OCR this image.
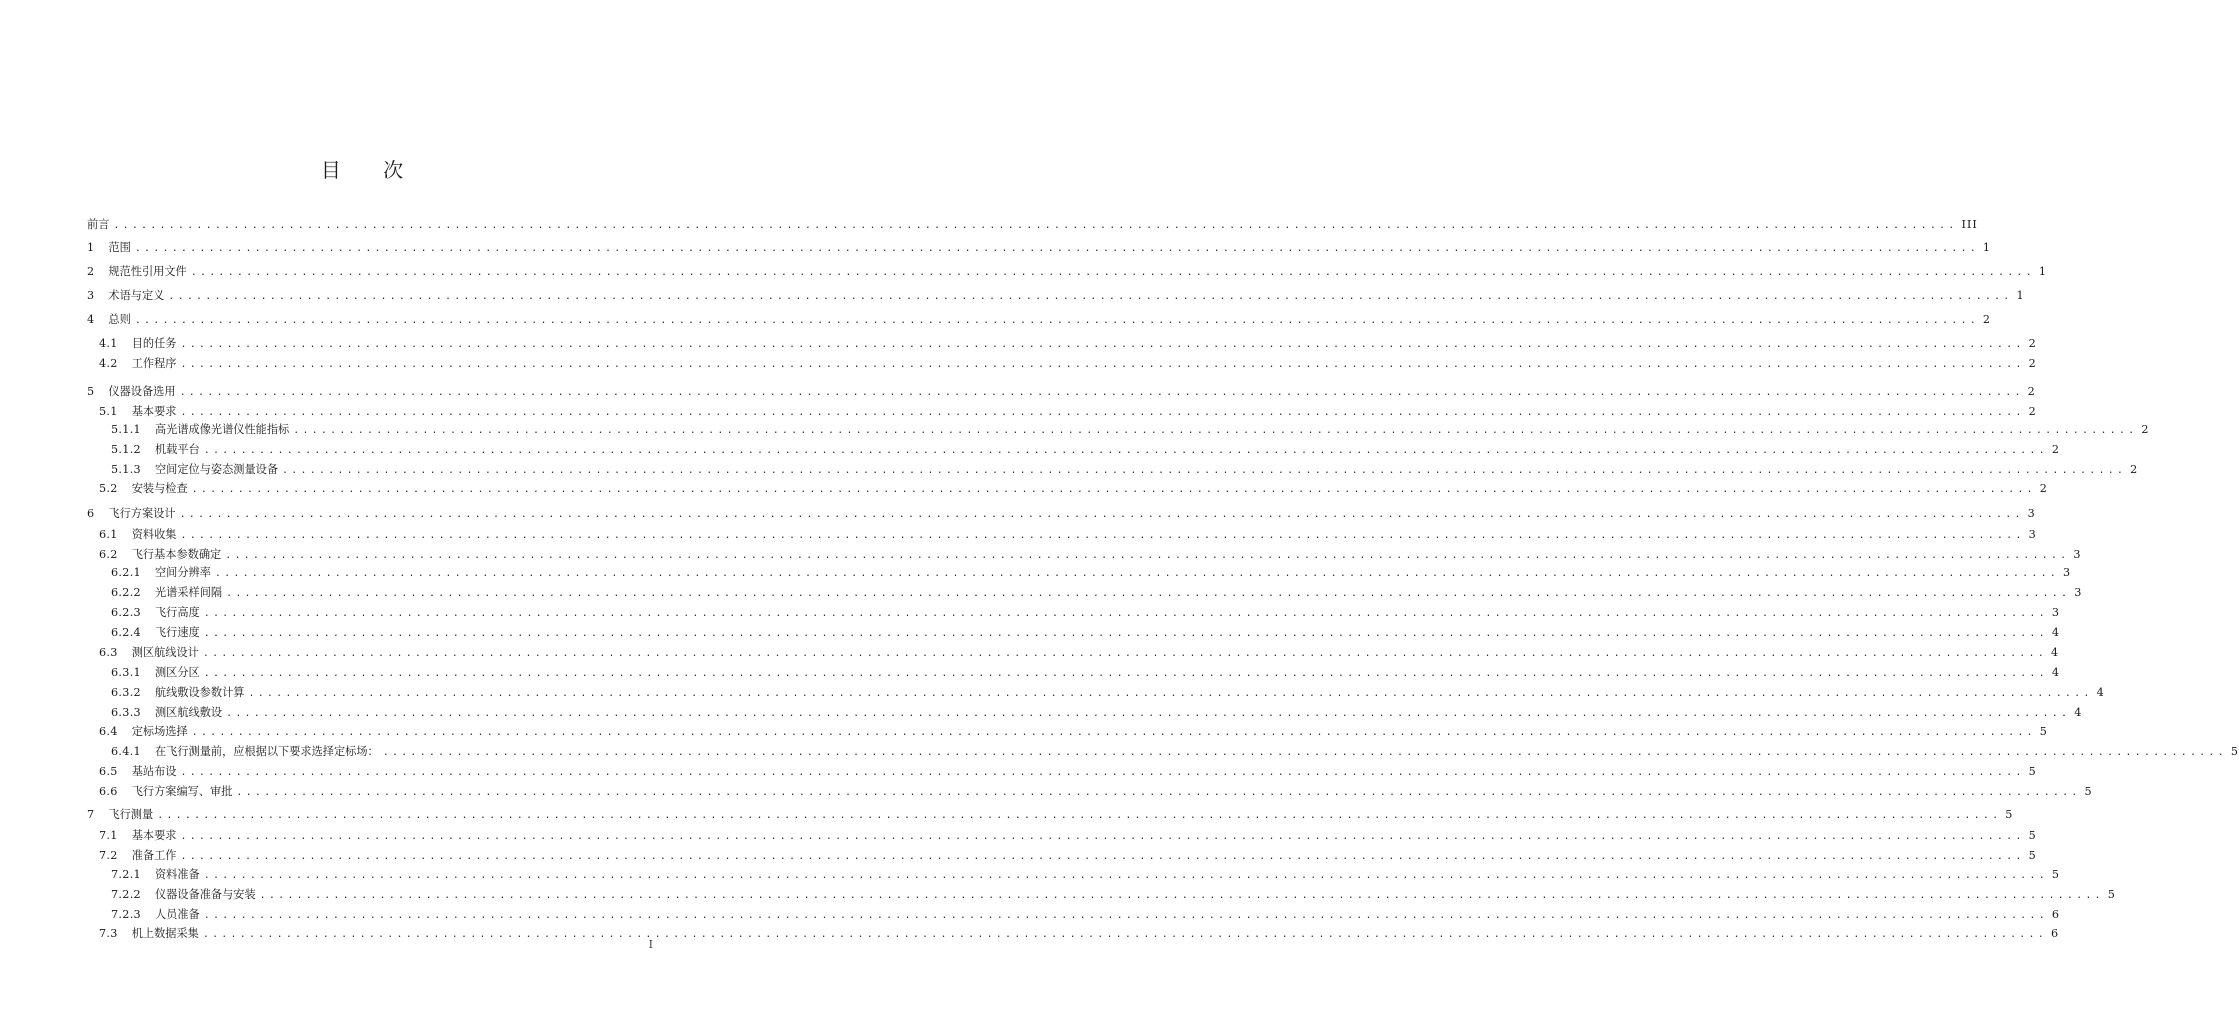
目 次
前言 ........................................................................................................................................................................................................ III
1 范围 ........................................................................................................................................................................................................ 1
2 规范性引用文件 ........................................................................................................................................................................................................ 1
3 术语与定义 ........................................................................................................................................................................................................ 1
4 总则 ........................................................................................................................................................................................................ 2
4.1 目的任务 ........................................................................................................................................................................................................ 2
4.2 工作程序 ........................................................................................................................................................................................................ 2
5 仪器设备选用 ........................................................................................................................................................................................................ 2
5.1 基本要求 ........................................................................................................................................................................................................ 2
5.1.1 高光谱成像光谱仪性能指标 ........................................................................................................................................................................................................ 2
5.1.2 机载平台 ........................................................................................................................................................................................................ 2
5.1.3 空间定位与姿态测量设备 ........................................................................................................................................................................................................ 2
5.2 安装与检查 ........................................................................................................................................................................................................ 2
6 飞行方案设计 ........................................................................................................................................................................................................ 3
6.1 资料收集 ........................................................................................................................................................................................................ 3
6.2 飞行基本参数确定 ........................................................................................................................................................................................................ 3
6.2.1 空间分辨率 ........................................................................................................................................................................................................ 3
6.2.2 光谱采样间隔 ........................................................................................................................................................................................................ 3
6.2.3 飞行高度 ........................................................................................................................................................................................................ 3
6.2.4 飞行速度 ........................................................................................................................................................................................................ 4
6.3 测区航线设计 ........................................................................................................................................................................................................ 4
6.3.1 测区分区 ........................................................................................................................................................................................................ 4
6.3.2 航线敷设参数计算 ........................................................................................................................................................................................................ 4
6.3.3 测区航线敷设 ........................................................................................................................................................................................................ 4
6.4 定标场选择 ........................................................................................................................................................................................................ 5
6.4.1 在飞行测量前，应根据以下要求选择定标场： ........................................................................................................................................................................................................ 5
6.5 基站布设 ........................................................................................................................................................................................................ 5
6.6 飞行方案编写、审批 ........................................................................................................................................................................................................ 5
7 飞行测量 ........................................................................................................................................................................................................ 5
7.1 基本要求 ........................................................................................................................................................................................................ 5
7.2 准备工作 ........................................................................................................................................................................................................ 5
7.2.1 资料准备 ........................................................................................................................................................................................................ 5
7.2.2 仪器设备准备与安装 ........................................................................................................................................................................................................ 5
7.2.3 人员准备 ........................................................................................................................................................................................................ 6
7.3 机上数据采集 ........................................................................................................................................................................................................ 6
I
